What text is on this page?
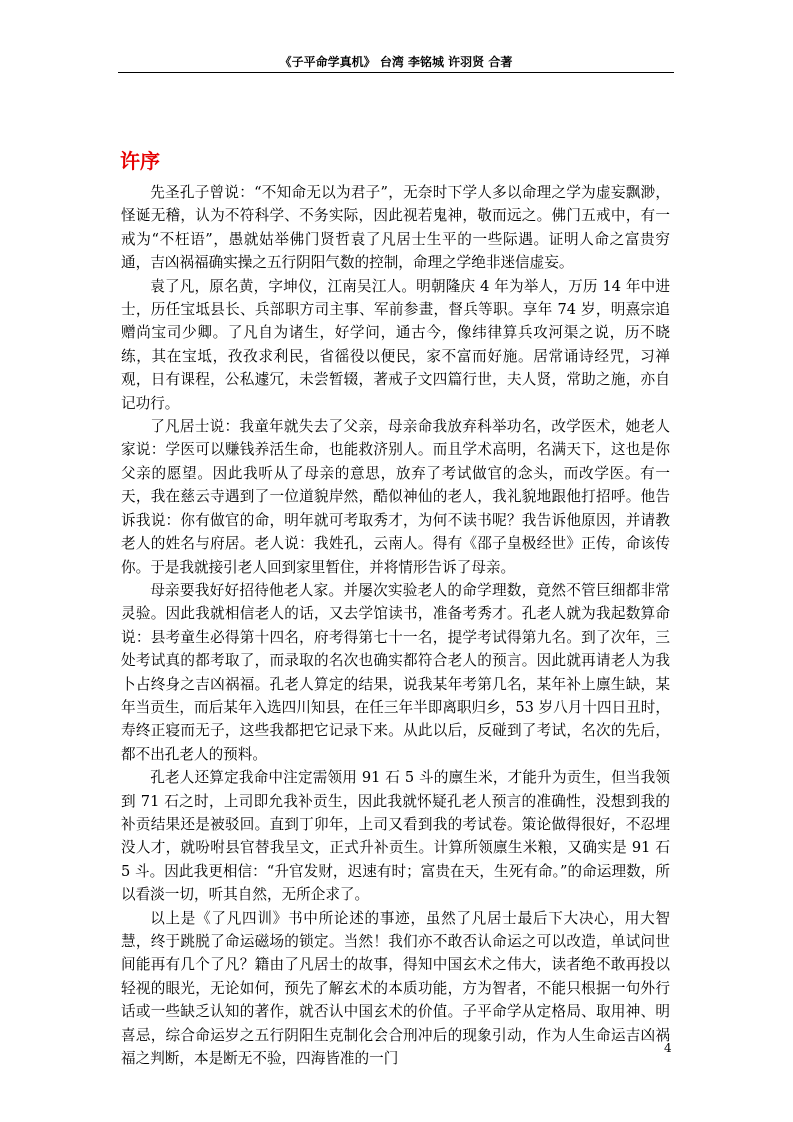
《子平命学真机》 台湾 李铭城 许羽贤 合著
许序

先圣孔子曾说：“不知命无以为君子”，无奈时下学人多以命理之学为虚妄飘渺，怪诞无稽，认为不符科学、不务实际，因此视若鬼神，敬而远之。佛门五戒中，有一戒为“不枉语”，愚就姑举佛门贤哲袁了凡居士生平的一些际遇。证明人命之富贵穷通，吉凶祸福确实操之五行阴阳气数的控制，命理之学绝非迷信虚妄。

袁了凡，原名黄，字坤仪，江南吴江人。明朝隆庆 4 年为举人，万历 14 年中进士，历任宝坻县长、兵部职方司主事、军前参畫，督兵等职。享年 74 岁，明熹宗追赠尚宝司少卿。了凡自为诸生，好学问，通古今，像纬律算兵攻河渠之说，历不晓练，其在宝坻，孜孜求利民，省徭役以便民，家不富而好施。居常诵诗经咒，习禅观，日有课程，公私遽冗，未尝暂辍，著戒子文四篇行世，夫人贤，常助之施，亦自记功行。

了凡居士说：我童年就失去了父亲，母亲命我放弃科举功名，改学医术，她老人家说：学医可以赚钱养活生命，也能救济别人。而且学术高明，名满天下，这也是你父亲的愿望。因此我听从了母亲的意思，放弃了考试做官的念头，而改学医。有一天，我在慈云寺遇到了一位道貌岸然，酷似神仙的老人，我礼貌地跟他打招呼。他告诉我说：你有做官的命，明年就可考取秀才，为何不读书呢？我告诉他原因，并请教老人的姓名与府居。老人说：我姓孔，云南人。得有《邵子皇极经世》正传，命该传你。于是我就接引老人回到家里暂住，并将情形告诉了母亲。

母亲要我好好招待他老人家。并屡次实验老人的命学理数，竟然不管巨细都非常灵验。因此我就相信老人的话，又去学馆读书，准备考秀才。孔老人就为我起数算命说：县考童生必得第十四名，府考得第七十一名，提学考试得第九名。到了次年，三处考试真的都考取了，而录取的名次也确实都符合老人的预言。因此就再请老人为我卜占终身之吉凶祸福。孔老人算定的结果，说我某年考第几名，某年补上廪生缺，某年当贡生，而后某年入选四川知县，在任三年半即离职归乡，53 岁八月十四日丑时，寿终正寝而无子，这些我都把它记录下来。从此以后，反碰到了考试，名次的先后，都不出孔老人的预料。

孔老人还算定我命中注定需领用 91 石 5 斗的廪生米，才能升为贡生，但当我领到 71 石之时，上司即允我补贡生，因此我就怀疑孔老人预言的准确性，没想到我的补贡结果还是被驳回。直到丁卯年，上司又看到我的考试卷。策论做得很好，不忍埋没人才，就吩咐县官替我呈文，正式升补贡生。计算所领廪生米粮，又确实是 91 石 5 斗。因此我更相信：“升官发财，迟速有时；富贵在天，生死有命。”的命运理数，所以看淡一切，听其自然，无所企求了。

以上是《了凡四训》书中所论述的事迹，虽然了凡居士最后下大决心，用大智慧，终于跳脱了命运磁场的锁定。当然！我们亦不敢否认命运之可以改造，单试问世间能再有几个了凡？籍由了凡居士的故事，得知中国玄术之伟大，读者绝不敢再投以轻视的眼光，无论如何，预先了解玄术的本质功能，方为智者，不能只根据一句外行话或一些缺乏认知的著作，就否认中国玄术的价值。子平命学从定格局、取用神、明喜忌，综合命运岁之五行阴阳生克制化会合刑冲后的现象引动，作为人生命运吉凶祸福之判断，本是断无不验，四海皆准的一门

4
